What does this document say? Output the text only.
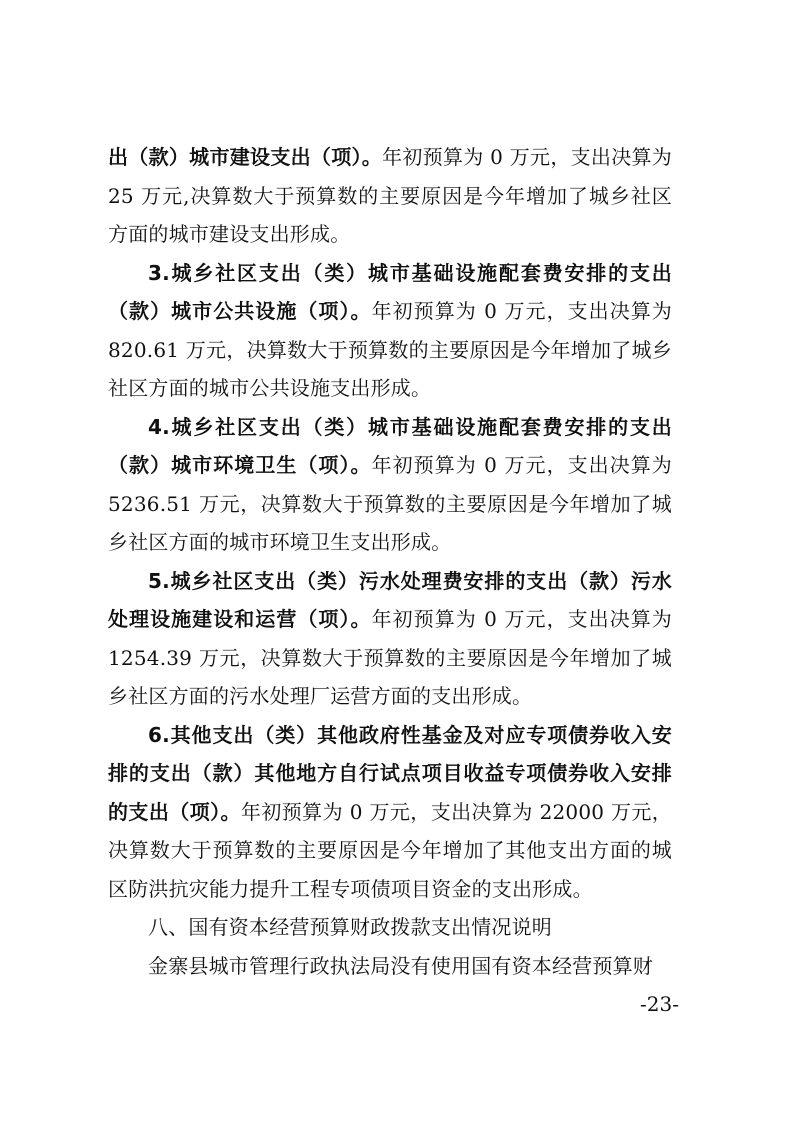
出（款）城市建设支出（项）。年初预算为 0 万元，支出决算为 25 万元,决算数大于预算数的主要原因是今年增加了城乡社区方面的城市建设支出形成。

3.城乡社区支出（类）城市基础设施配套费安排的支出（款）城市公共设施（项）。年初预算为 0 万元，支出决算为 820.61 万元，决算数大于预算数的主要原因是今年增加了城乡社区方面的城市公共设施支出形成。

4.城乡社区支出（类）城市基础设施配套费安排的支出（款）城市环境卫生（项）。年初预算为 0 万元，支出决算为 5236.51 万元，决算数大于预算数的主要原因是今年增加了城乡社区方面的城市环境卫生支出形成。

5.城乡社区支出（类）污水处理费安排的支出（款）污水处理设施建设和运营（项）。年初预算为 0 万元，支出决算为 1254.39 万元，决算数大于预算数的主要原因是今年增加了城乡社区方面的污水处理厂运营方面的支出形成。

6.其他支出（类）其他政府性基金及对应专项债券收入安排的支出（款）其他地方自行试点项目收益专项债券收入安排的支出（项）。年初预算为 0 万元，支出决算为 22000 万元，决算数大于预算数的主要原因是今年增加了其他支出方面的城区防洪抗灾能力提升工程专项债项目资金的支出形成。

八、国有资本经营预算财政拨款支出情况说明

金寨县城市管理行政执法局没有使用国有资本经营预算财

-23-
